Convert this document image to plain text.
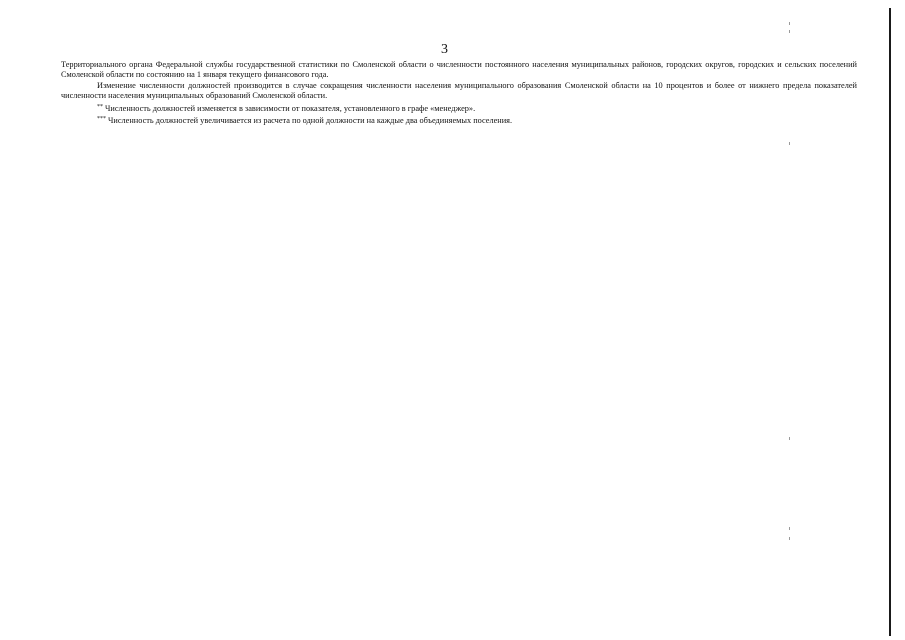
3

Территориального органа Федеральной службы государственной статистики по Смоленской области о численности постоянного населения муниципальных районов, городских округов, городских и сельских поселений Смоленской области по состоянию на 1 января текущего финансового года.

Изменение численности должностей производится в случае сокращения численности населения муниципального образования Смоленской области на 10 процентов и более от нижнего предела показателей численности населения муниципальных образований Смоленской области.

** Численность должностей изменяется в зависимости от показателя, установленного в графе «менеджер».

*** Численность должностей увеличивается из расчета по одной должности на каждые два объединяемых поселения.
